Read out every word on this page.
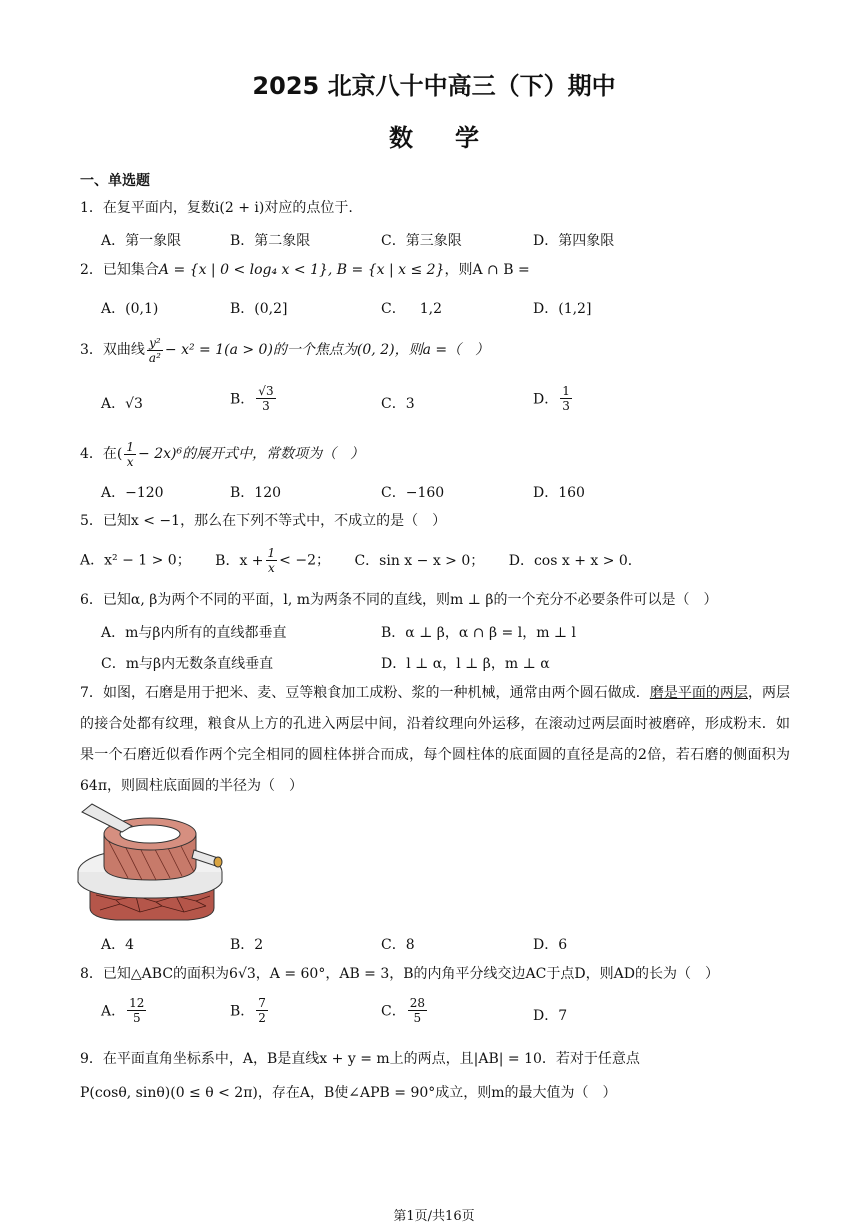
2025 北京八十中高三（下）期中
数学
一、单选题
1．在复平面内，复数i(2 + i)对应的点位于.
A．第一象限	B．第二象限	C．第三象限	D．第四象限
2．已知集合A = {x | 0 < log₄ x < 1}, B = {x | x ≤ 2}，则A ∩ B =
A．(0,1)	B．(0,2]	C． 1,2	D．(1,2]
3．双曲线 $\frac{\text{y²}}{\text{a²}} - x^2 = 1(a > 0)$的一个焦点为(0, 2)，则a =（　）
A．√3	B． $\frac{√3}{3}$	C．3	D． $\frac{1}{3}$
4．在( $\frac{1}{x} - 2x)^6$的展开式中，常数项为（　）
A．−120	B．120	C．−160	D．160
5．已知x < −1，那么在下列不等式中，不成立的是（　）
A．x² − 1 > 0； B．$x + \frac{1}{x} < -2$； C．sin x − x > 0； D．cos x + x > 0．
6．已知α, β为两个不同的平面，l, m为两条不同的直线，则m ⊥ β的一个充分不必要条件可以是（　）
A．m与β内所有的直线都垂直	B．α ⊥ β，α ∩ β = l，m ⊥ l
C．m与β内无数条直线垂直	D．l ⊥ α，l ⊥ β，m ⊥ α
7．如图，石磨是用于把米、麦、豆等粮食加工成粉、浆的一种机械，通常由两个圆石做成．磨是平面的两层，两层的接合处都有纹理，粮食从上方的孔进入两层中间，沿着纹理向外运移，在滚动过两层面时被磨碎，形成粉末．如果一个石磨近似看作两个完全相同的圆柱体拼合而成，每个圆柱体的底面圆的直径是高的2倍，若石磨的侧面积为64π，则圆柱底面圆的半径为（　）
A．4	B．2	C．8	D．6
8．已知△ABC的面积为6√3，A = 60°，AB = 3，B的内角平分线交边AC于点D，则AD的长为（　）
A． $\frac{12}{5}$	B． $\frac{7}{2}$	C． $\frac{28}{5}$	D．7
9．在平面直角坐标系中，A，B是直线x + y = m上的两点，且|AB| = 10．若对于任意点
P(cosθ, sinθ)(0 ≤ θ < 2π)，存在A，B使∠APB = 90°成立，则m的最大值为（　）
第1页/共16页
